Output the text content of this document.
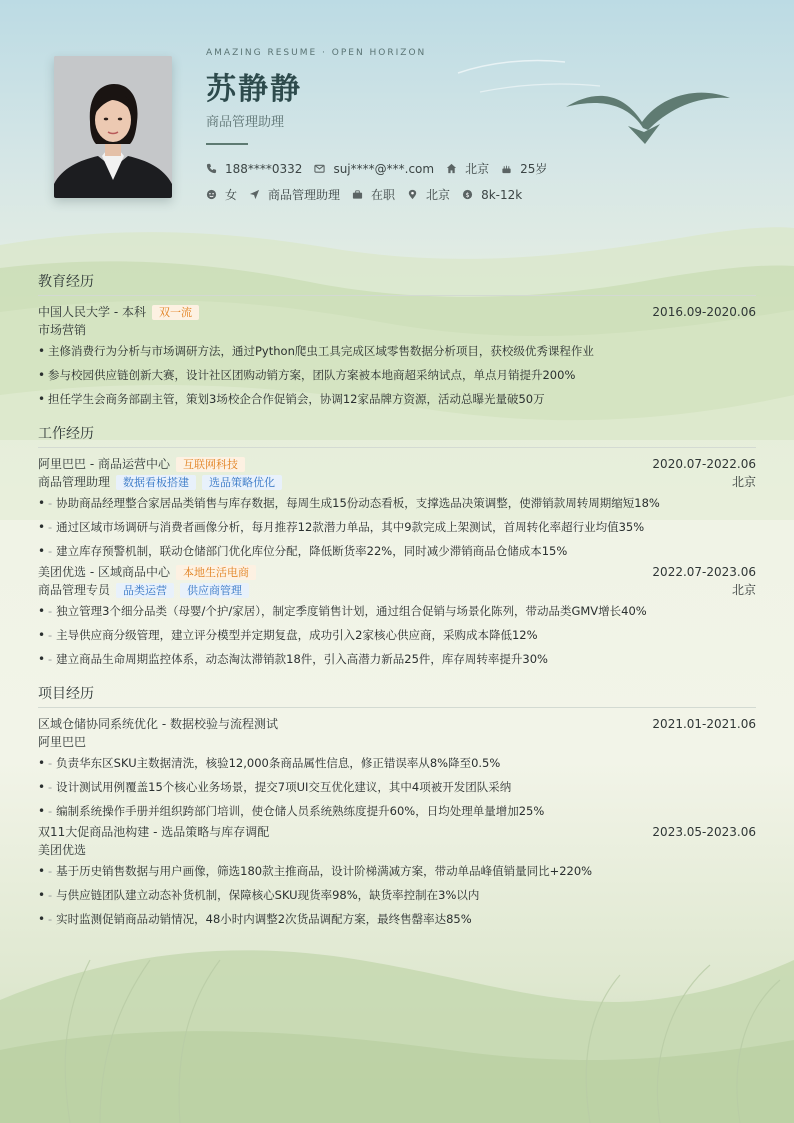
AMAZING RESUME · OPEN HORIZON
苏静静
商品管理助理
188****0332	suj****@***.com	北京	25岁
女	商品管理助理	在职	北京 $ 8k-12k
教育经历
中国人民大学 - 本科	双一流	2016.09-2020.06
市场营销
• 主修消费行为分析与市场调研方法，通过Python爬虫工具完成区域零售数据分析项目，获校级优秀课程作业
• 参与校园供应链创新大赛，设计社区团购动销方案，团队方案被本地商超采纳试点，单点月销提升200%
• 担任学生会商务部副主管，策划3场校企合作促销会，协调12家品牌方资源，活动总曝光量破50万
工作经历
阿里巴巴 - 商品运营中心	互联网科技	2020.07-2022.06
商品管理助理	数据看板搭建	选品策略优化	北京
• - 协助商品经理整合家居品类销售与库存数据，每周生成15份动态看板，支撑选品决策调整，使滞销款周转周期缩短18%
• - 通过区域市场调研与消费者画像分析，每月推荐12款潜力单品，其中9款完成上架测试，首周转化率超行业均值35%
• - 建立库存预警机制，联动仓储部门优化库位分配，降低断货率22%，同时减少滞销商品仓储成本15%
美团优选 - 区域商品中心	本地生活电商	2022.07-2023.06
商品管理专员	品类运营	供应商管理	北京
• - 独立管理3个细分品类（母婴/个护/家居），制定季度销售计划，通过组合促销与场景化陈列，带动品类GMV增长40%
• - 主导供应商分级管理，建立评分模型并定期复盘，成功引入2家核心供应商，采购成本降低12%
• - 建立商品生命周期监控体系，动态淘汰滞销款18件，引入高潜力新品25件，库存周转率提升30%
项目经历
区域仓储协同系统优化 - 数据校验与流程测试	2021.01-2021.06
阿里巴巴
• - 负责华东区SKU主数据清洗，核验12,000条商品属性信息，修正错误率从8%降至0.5%
• - 设计测试用例覆盖15个核心业务场景，提交7项UI交互优化建议，其中4项被开发团队采纳
• - 编制系统操作手册并组织跨部门培训，使仓储人员系统熟练度提升60%，日均处理单量增加25%
双11大促商品池构建 - 选品策略与库存调配	2023.05-2023.06
美团优选
• - 基于历史销售数据与用户画像，筛选180款主推商品，设计阶梯满减方案，带动单品峰值销量同比+220%
• - 与供应链团队建立动态补货机制，保障核心SKU现货率98%，缺货率控制在3%以内
• - 实时监测促销商品动销情况，48小时内调整2次货品调配方案，最终售罄率达85%
